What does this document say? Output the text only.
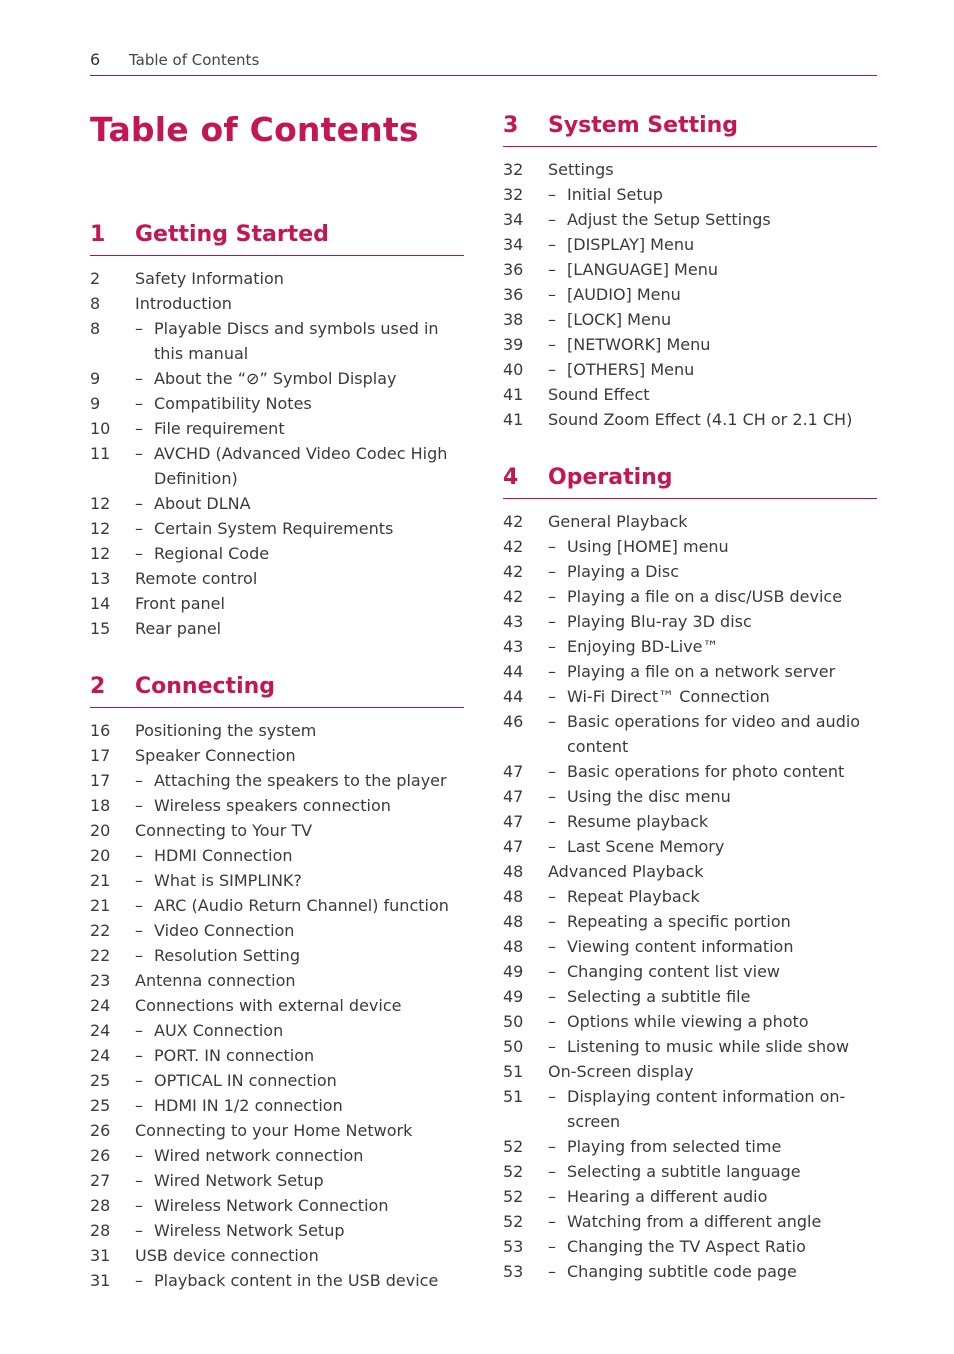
6 Table of Contents
Table of Contents
1 Getting Started
2	Safety Information
8	Introduction
8	– Playable Discs and symbols used in
this manual
9	– About the “⊘” Symbol Display
9	– Compatibility Notes
10	– File requirement
11	– AVCHD (Advanced Video Codec High
Definition)
12	– About DLNA
12	– Certain System Requirements
12	– Regional Code
13	Remote control
14	Front panel
15	Rear panel
2 Connecting
16	Positioning the system
17	Speaker Connection
17	– Attaching the speakers to the player
18	– Wireless speakers connection
20	Connecting to Your TV
20	– HDMI Connection
21	– What is SIMPLINK?
21	– ARC (Audio Return Channel) function
22	– Video Connection
22	– Resolution Setting
23	Antenna connection
24	Connections with external device
24	– AUX Connection
24	– PORT. IN connection
25	– OPTICAL IN connection
25	– HDMI IN 1/2 connection
26	Connecting to your Home Network
26	– Wired network connection
27	– Wired Network Setup
28	– Wireless Network Connection
28	– Wireless Network Setup
31	USB device connection
31	– Playback content in the USB device
3 System Setting
32	Settings
32	– Initial Setup
34	– Adjust the Setup Settings
34	– [DISPLAY] Menu
36	– [LANGUAGE] Menu
36	– [AUDIO] Menu
38	– [LOCK] Menu
39	– [NETWORK] Menu
40	– [OTHERS] Menu
41	Sound Effect
41	Sound Zoom Effect (4.1 CH or 2.1 CH)
4 Operating
42	General Playback
42	– Using [HOME] menu
42	– Playing a Disc
42	– Playing a file on a disc/USB device
43	– Playing Blu-ray 3D disc
43	– Enjoying BD-Live™
44	– Playing a file on a network server
44	– Wi-Fi Direct™ Connection
46	– Basic operations for video and audio
content
47	– Basic operations for photo content
47	– Using the disc menu
47	– Resume playback
47	– Last Scene Memory
48	Advanced Playback
48	– Repeat Playback
48	– Repeating a specific portion
48	– Viewing content information
49	– Changing content list view
49	– Selecting a subtitle file
50	– Options while viewing a photo
50	– Listening to music while slide show
51	On-Screen display
51	– Displaying content information on-
screen
52	– Playing from selected time
52	– Selecting a subtitle language
52	– Hearing a different audio
52	– Watching from a different angle
53	– Changing the TV Aspect Ratio
53	– Changing subtitle code page
